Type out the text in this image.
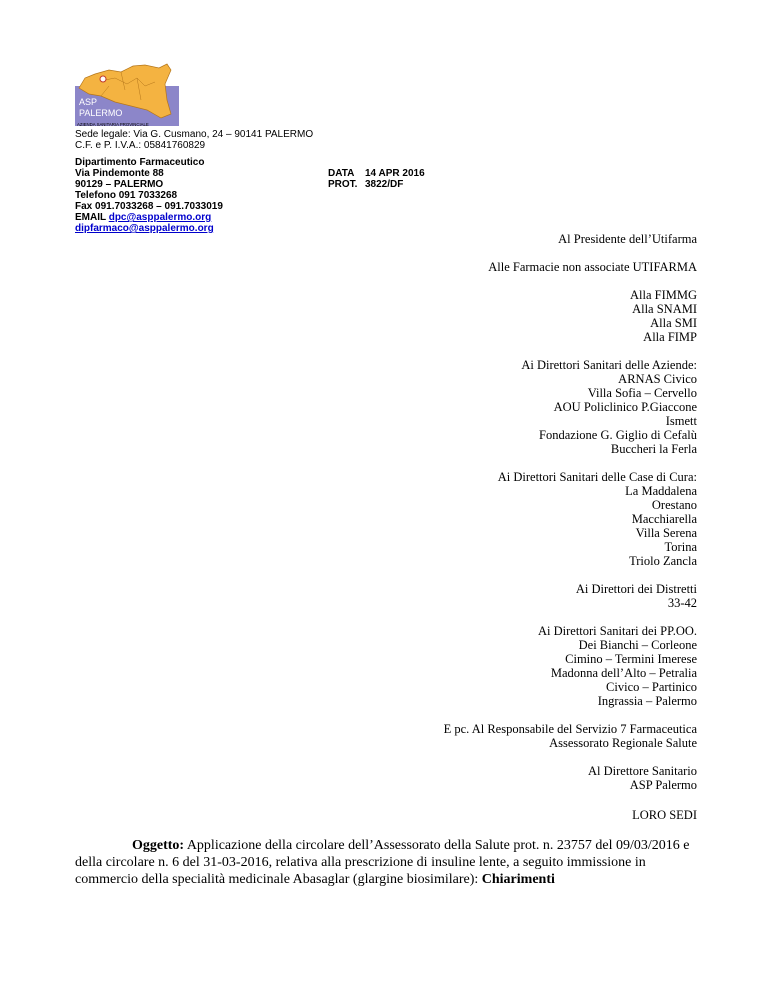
ASP
PALERMO
AZIENDA SANITARIA PROVINCIALE
Sede legale: Via G. Cusmano, 24 – 90141 PALERMO
C.F. e P. I.V.A.: 05841760829
Dipartimento Farmaceutico
Via Pindemonte 88
90129 – PALERMO
Telefono 091 7033268
Fax 091.7033268 – 091.7033019
EMAIL dpc@asppalermo.org
dipfarmaco@asppalermo.org
DATA 14 APR 2016
PROT. 3822/DF
Al Presidente dell’Utifarma
Alle Farmacie non associate UTIFARMA
Alla FIMMG
Alla SNAMI
Alla SMI
Alla FIMP
Ai Direttori Sanitari delle Aziende:
ARNAS Civico
Villa Sofia – Cervello
AOU Policlinico P.Giaccone
Ismett
Fondazione G. Giglio di Cefalù
Buccheri la Ferla
Ai Direttori Sanitari delle Case di Cura:
La Maddalena
Orestano
Macchiarella
Villa Serena
Torina
Triolo Zancla
Ai Direttori dei Distretti
33-42
Ai Direttori Sanitari dei PP.OO.
Dei Bianchi – Corleone
Cimino – Termini Imerese
Madonna dell’Alto – Petralia
Civico – Partinico
Ingrassia – Palermo
E pc. Al Responsabile del Servizio 7 Farmaceutica
Assessorato Regionale Salute
Al Direttore Sanitario
ASP Palermo
LORO SEDI
Oggetto: Applicazione della circolare dell’Assessorato della Salute prot. n. 23757 del 09/03/2016 e della circolare n. 6 del 31-03-2016, relativa alla prescrizione di insuline lente, a seguito immissione in commercio della specialità medicinale Abasaglar (glargine biosimilare): Chiarimenti
